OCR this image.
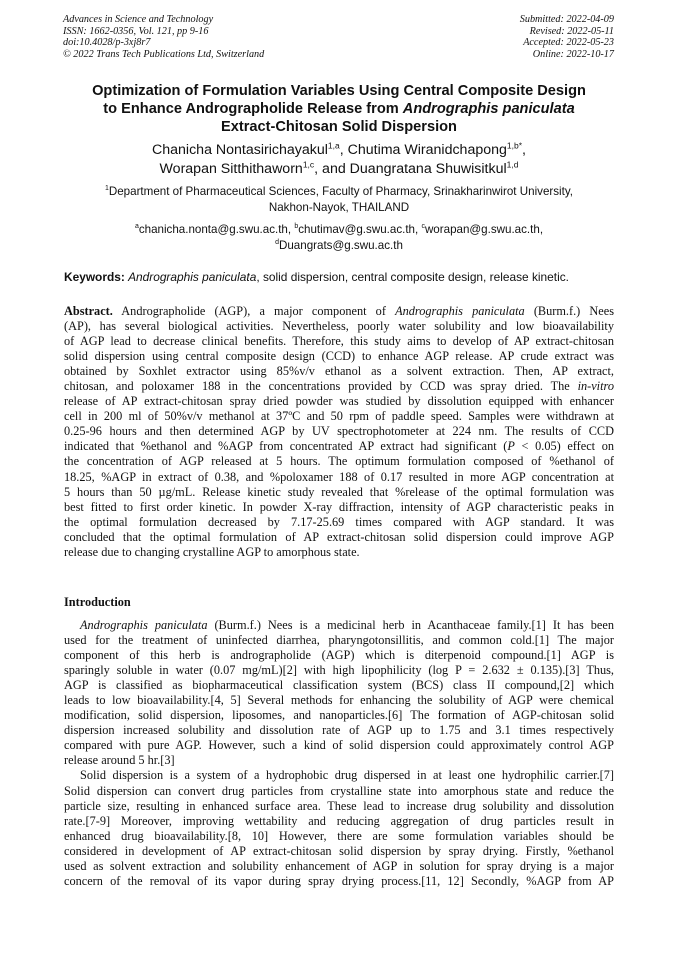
Advances in Science and Technology
ISSN: 1662-0356, Vol. 121, pp 9-16
doi:10.4028/p-3xj8r7
© 2022 Trans Tech Publications Ltd, Switzerland
Submitted: 2022-04-09
Revised: 2022-05-11
Accepted: 2022-05-23
Online: 2022-10-17
Optimization of Formulation Variables Using Central Composite Design
to Enhance Andrographolide Release from Andrographis paniculata
Extract-Chitosan Solid Dispersion
Chanicha Nontasirichayakul$^{1,a}$, Chutima Wiranidchapong$^{1,b*}$,
Worapan Sitthithaworn$^{1,c}$, and Duangratana Shuwisitkul$^{1,d}$
$^1$Department of Pharmaceutical Sciences, Faculty of Pharmacy, Srinakharinwirot University,
Nakhon-Nayok, THAILAND
$^a$chanicha.nonta@g.swu.ac.th, $^b$chutimav@g.swu.ac.th, $^c$worapan@g.swu.ac.th,
$^d$Duangrats@g.swu.ac.th
Keywords: Andrographis paniculata, solid dispersion, central composite design, release kinetic.
Abstract. Andrographolide (AGP), a major component of Andrographis paniculata (Burm.f.) Nees
(AP), has several biological activities. Nevertheless, poorly water solubility and low bioavailability
of AGP lead to decrease clinical benefits. Therefore, this study aims to develop of AP extract-chitosan
solid dispersion using central composite design (CCD) to enhance AGP release. AP crude extract was
obtained by Soxhlet extractor using 85%v/v ethanol as a solvent extraction. Then, AP extract,
chitosan, and poloxamer 188 in the concentrations provided by CCD was spray dried. The in-vitro
release of AP extract-chitosan spray dried powder was studied by dissolution equipped with enhancer
cell in 200 ml of 50%v/v methanol at 37ºC and 50 rpm of paddle speed. Samples were withdrawn at
0.25-96 hours and then determined AGP by UV spectrophotometer at 224 nm. The results of CCD
indicated that %ethanol and %AGP from concentrated AP extract had significant (P < 0.05) effect on
the concentration of AGP released at 5 hours. The optimum formulation composed of %ethanol of
18.25, %AGP in extract of 0.38, and %poloxamer 188 of 0.17 resulted in more AGP concentration at
5 hours than 50 µg/mL. Release kinetic study revealed that %release of the optimal formulation was
best fitted to first order kinetic. In powder X-ray diffraction, intensity of AGP characteristic peaks in
the optimal formulation decreased by 7.17-25.69 times compared with AGP standard. It was
concluded that the optimal formulation of AP extract-chitosan solid dispersion could improve AGP
release due to changing crystalline AGP to amorphous state.
Introduction
Andrographis paniculata (Burm.f.) Nees is a medicinal herb in Acanthaceae family.[1] It has been
used for the treatment of uninfected diarrhea, pharyngotonsillitis, and common cold.[1] The major
component of this herb is andrographolide (AGP) which is diterpenoid compound.[1] AGP is
sparingly soluble in water (0.07 mg/mL)[2] with high lipophilicity (log P = 2.632 ± 0.135).[3] Thus,
AGP is classified as biopharmaceutical classification system (BCS) class II compound,[2] which
leads to low bioavailability.[4, 5] Several methods for enhancing the solubility of AGP were chemical
modification, solid dispersion, liposomes, and nanoparticles.[6] The formation of AGP-chitosan solid
dispersion increased solubility and dissolution rate of AGP up to 1.75 and 3.1 times respectively
compared with pure AGP. However, such a kind of solid dispersion could approximately control AGP
release around 5 hr.[3]
Solid dispersion is a system of a hydrophobic drug dispersed in at least one hydrophilic carrier.[7]
Solid dispersion can convert drug particles from crystalline state into amorphous state and reduce the
particle size, resulting in enhanced surface area. These lead to increase drug solubility and dissolution
rate.[7-9] Moreover, improving wettability and reducing aggregation of drug particles result in
enhanced drug bioavailability.[8, 10] However, there are some formulation variables should be
considered in development of AP extract-chitosan solid dispersion by spray drying. Firstly, %ethanol
used as solvent extraction and solubility enhancement of AGP in solution for spray drying is a major
concern of the removal of its vapor during spray drying process.[11, 12] Secondly, %AGP from AP
